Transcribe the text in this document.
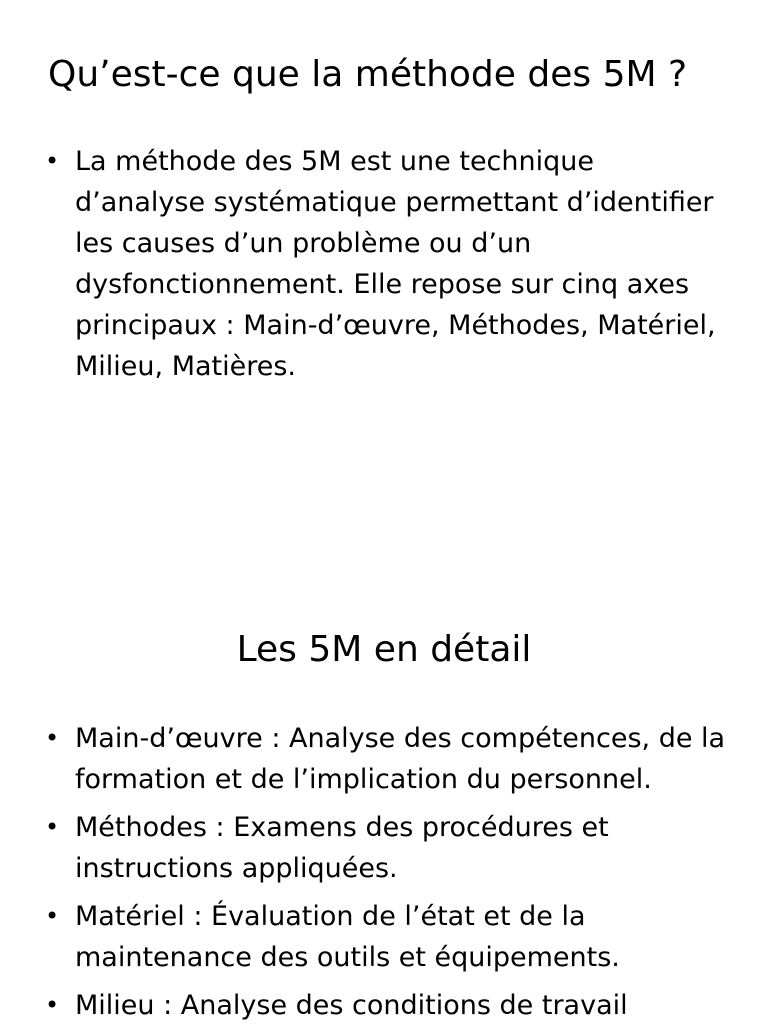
Qu’est-ce que la méthode des 5M ?
• La méthode des 5M est une technique d’analyse systématique permettant d’identifier les causes d’un problème ou d’un dysfonctionnement. Elle repose sur cinq axes principaux : Main-d’œuvre, Méthodes, Matériel, Milieu, Matières.
Les 5M en détail
• Main-d’œuvre : Analyse des compétences, de la formation et de l’implication du personnel.
• Méthodes : Examens des procédures et instructions appliquées.
• Matériel : Évaluation de l’état et de la maintenance des outils et équipements.
• Milieu : Analyse des conditions de travail
